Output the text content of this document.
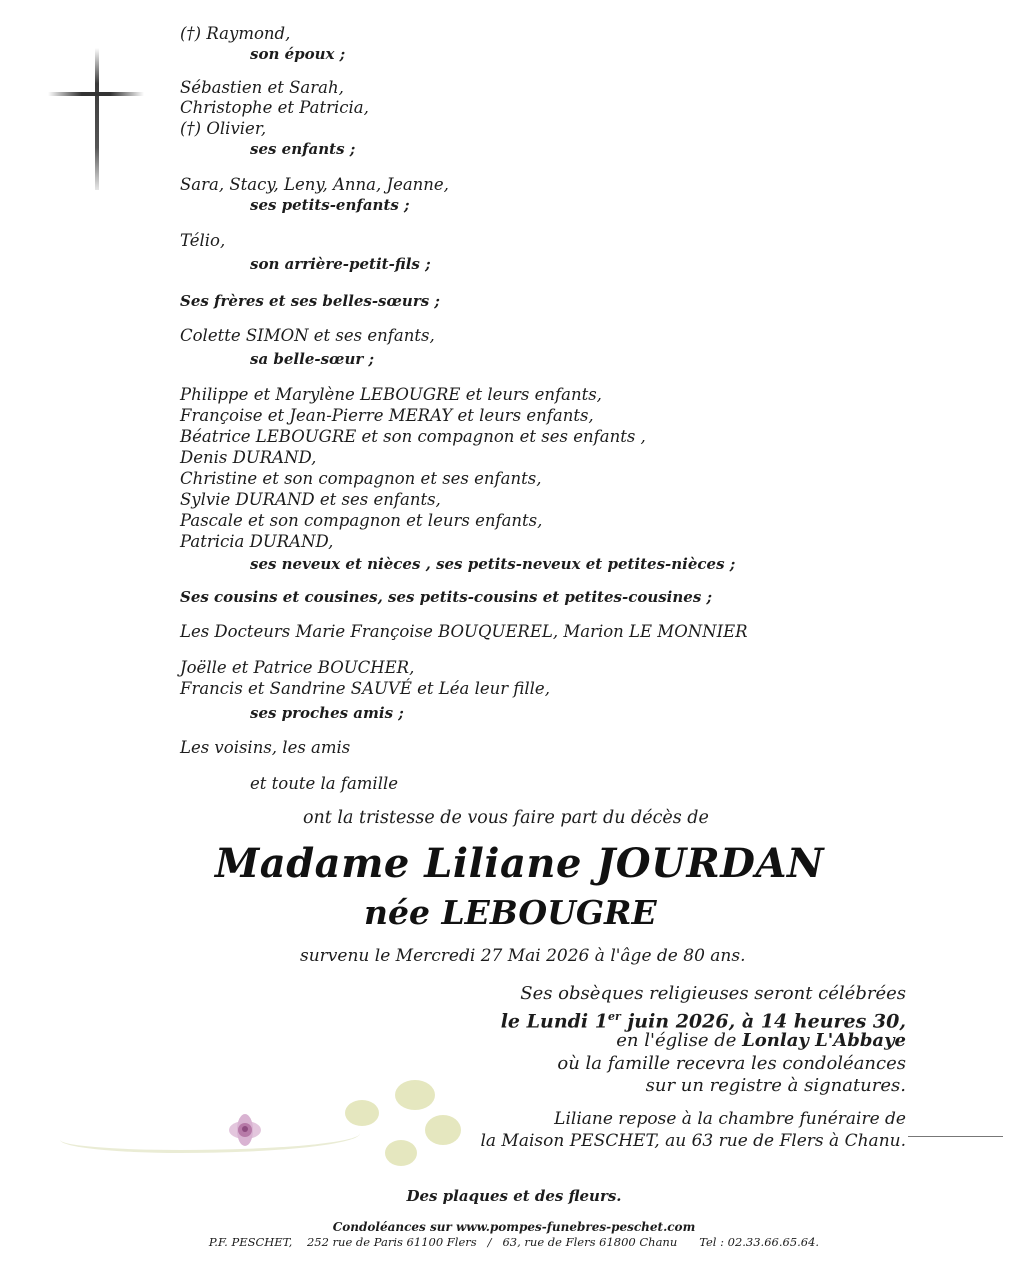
(†) Raymond,
son époux ;
Sébastien et Sarah,
Christophe et Patricia,
(†) Olivier,
ses enfants ;
Sara, Stacy, Leny, Anna, Jeanne,
ses petits-enfants ;
Télio,
son arrière-petit-fils ;
Ses frères et ses belles-sœurs ;
Colette SIMON et ses enfants,
sa belle-sœur ;
Philippe et Marylène LEBOUGRE et leurs enfants,
Françoise et Jean-Pierre MERAY et leurs enfants,
Béatrice LEBOUGRE et son compagnon et ses enfants ,
Denis DURAND,
Christine et son compagnon et ses enfants,
Sylvie DURAND et ses enfants,
Pascale et son compagnon et leurs enfants,
Patricia DURAND,
ses neveux et nièces , ses petits-neveux et petites-nièces ;
Ses cousins et cousines, ses petits-cousins et petites-cousines ;
Les Docteurs Marie Françoise BOUQUEREL, Marion LE MONNIER
Joëlle et Patrice BOUCHER,
Francis et Sandrine SAUVÉ et Léa leur fille,
ses proches amis ;
Les voisins, les amis
et toute la famille
ont la tristesse de vous faire part du décès de
Madame Liliane JOURDAN
née LEBOUGRE
survenu le Mercredi 27 Mai 2026 à l'âge de 80 ans.
Ses obsèques religieuses seront célébrées
le Lundi 1er juin 2026, à 14 heures 30,
en l'église de Lonlay L'Abbaye
où la famille recevra les condoléances
sur un registre à signatures.
Liliane repose à la chambre funéraire de
la Maison PESCHET, au 63 rue de Flers à Chanu.
Des plaques et des fleurs.
Condoléances sur www.pompes-funebres-peschet.com
P.F. PESCHET, 252 rue de Paris 61100 Flers / 63, rue de Flers 61800 Chanu Tel : 02.33.66.65.64.
